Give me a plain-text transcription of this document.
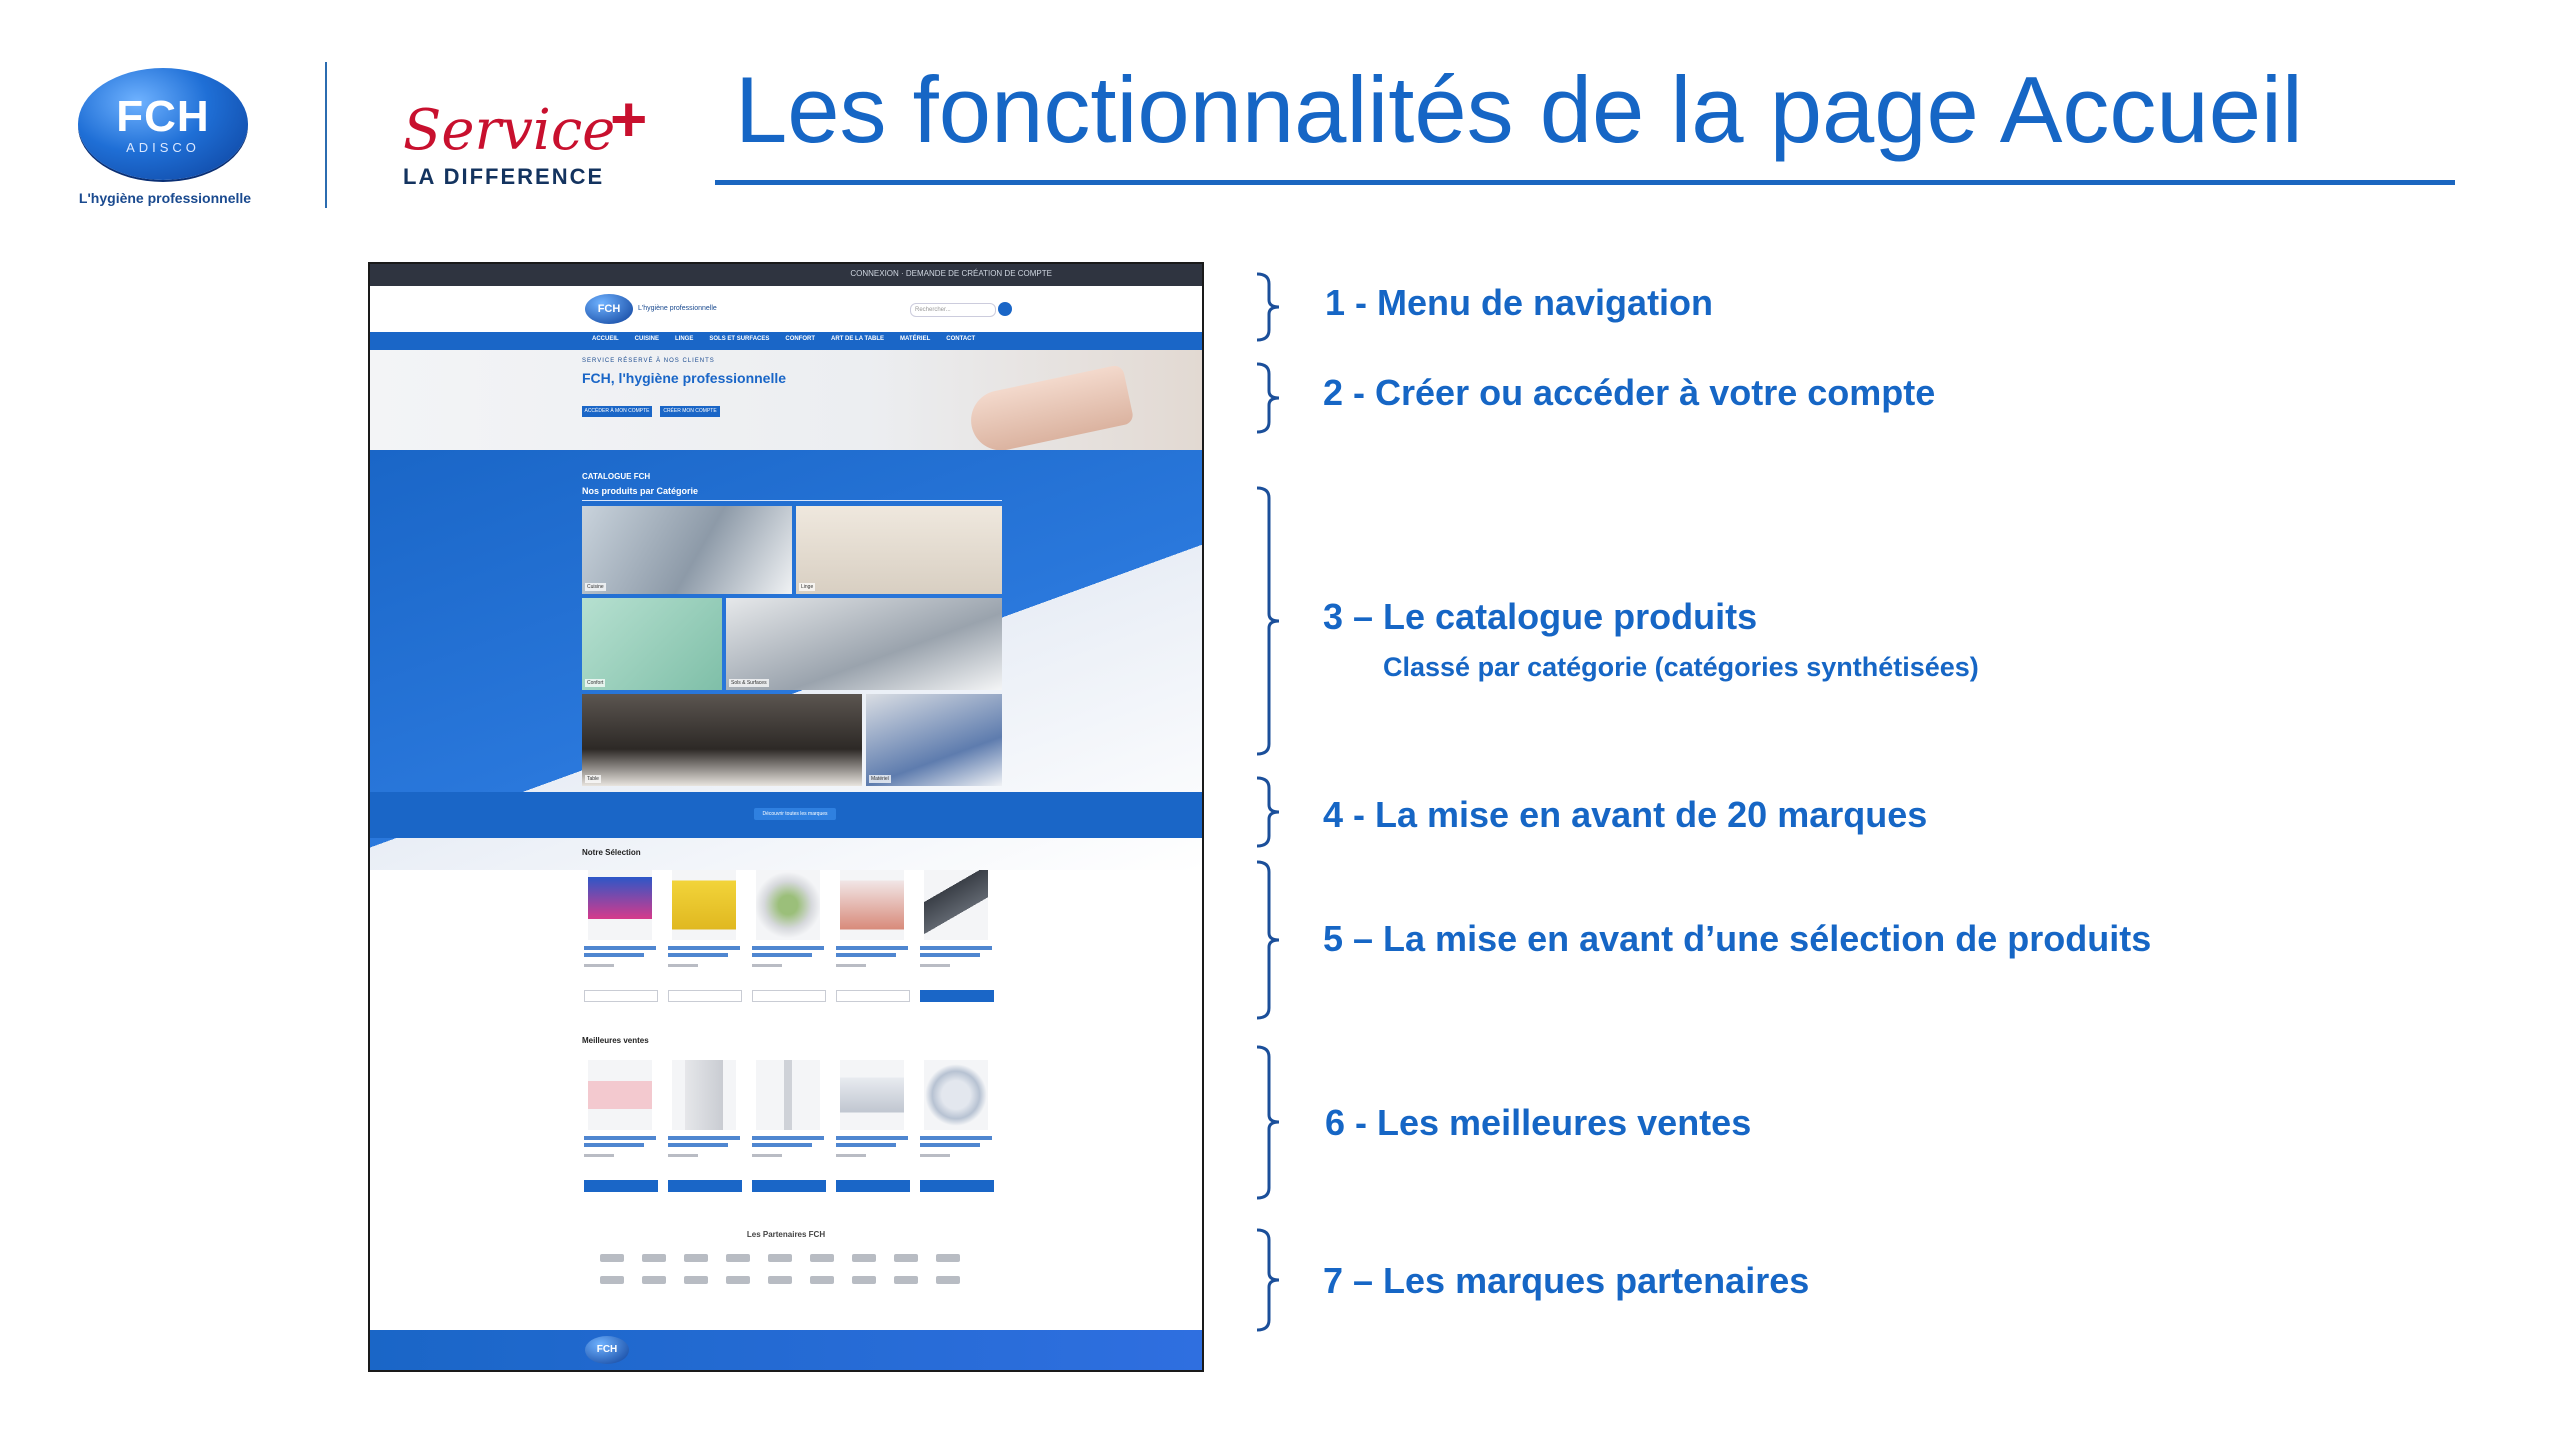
FCH
ADISCO
L'hygiène professionnelle
Service
+
LA DIFFERENCE
Les fonctionnalités de la page Accueil
CONNEXION · DEMANDE DE CRÉATION DE COMPTE
FCH	L'hygiène professionnelle	Rechercher...
ACCUEIL	CUISINE	LINGE	SOLS ET SURFACES	CONFORT	ART DE LA TABLE	MATÉRIEL	CONTACT
SERVICE RÉSERVÉ À NOS CLIENTS
FCH, l'hygiène professionnelle
ACCÉDER À MON COMPTE	CRÉER MON COMPTE
CATALOGUE FCH
Nos produits par Catégorie
Cuisine	Linge
Confort	Sols & Surfaces
Table	Matériel
Découvrir toutes les marques
Notre Sélection
Meilleures ventes
Les Partenaires FCH
FCH
1 - Menu de navigation
2 - Créer ou accéder à votre compte
3 – Le catalogue produits
Classé par catégorie (catégories synthétisées)
4 - La mise en avant de 20 marques
5 – La mise en avant d’une sélection de produits
6 - Les meilleures ventes
7 – Les marques partenaires
